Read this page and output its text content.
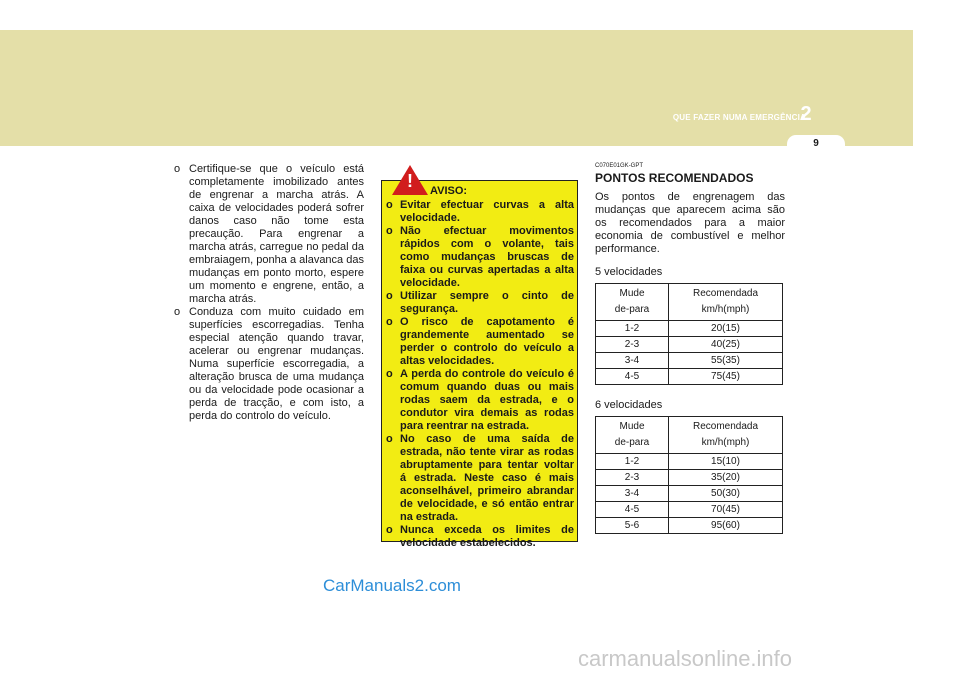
QUE FAZER NUMA EMERGÊNCIA
2
9
o Certifique-se que o veículo está completamente imobilizado antes de engrenar a marcha atrás. A caixa de velocidades poderá sofrer danos caso não tome esta precaução. Para engrenar a marcha atrás, carregue no pedal da embraiagem, ponha a alavanca das mudanças em ponto morto, espere um momento e engrene, então, a marcha atrás.
o Conduza com muito cuidado em superfícies escorregadias. Tenha especial atenção quando travar, acelerar ou engrenar mudanças. Numa superfície escorregadia, a alteração brusca de uma mudança ou da velocidade pode ocasionar a perda de tracção, e com isto, a perda do controlo do veículo.
!	AVISO:
o Evitar efectuar curvas a alta velocidade.
o Não efectuar movimentos rápidos com o volante, tais como mudanças bruscas de faixa ou curvas apertadas a alta velocidade.
o Utilizar sempre o cinto de segurança.
o O risco de capotamento é grandemente aumentado se perder o controlo do veículo a altas velocidades.
o A perda do controle do veículo é comum quando duas ou mais rodas saem da estrada, e o condutor vira demais as rodas para reentrar na estrada.
o No caso de uma saída de estrada, não tente virar as rodas abruptamente para tentar voltar á estrada. Neste caso é mais aconselhável, primeiro abrandar de velocidade, e só então entrar na estrada.
o Nunca exceda os limites de velocidade estabelecidos.
C070E01GK-GPT
PONTOS RECOMENDADOS
Os pontos de engrenagem das mudanças que aparecem acima são os recomendados para a maior economia de combustível e melhor performance.
5 velocidades
Mude
de-para	Recomendada
km/h(mph)
1-2	20(15)
2-3	40(25)
3-4	55(35)
4-5	75(45)
6 velocidades
Mude
de-para	Recomendada
km/h(mph)
1-2	15(10)
2-3	35(20)
3-4	50(30)
4-5	70(45)
5-6	95(60)
CarManuals2.com
carmanualsonline.info
